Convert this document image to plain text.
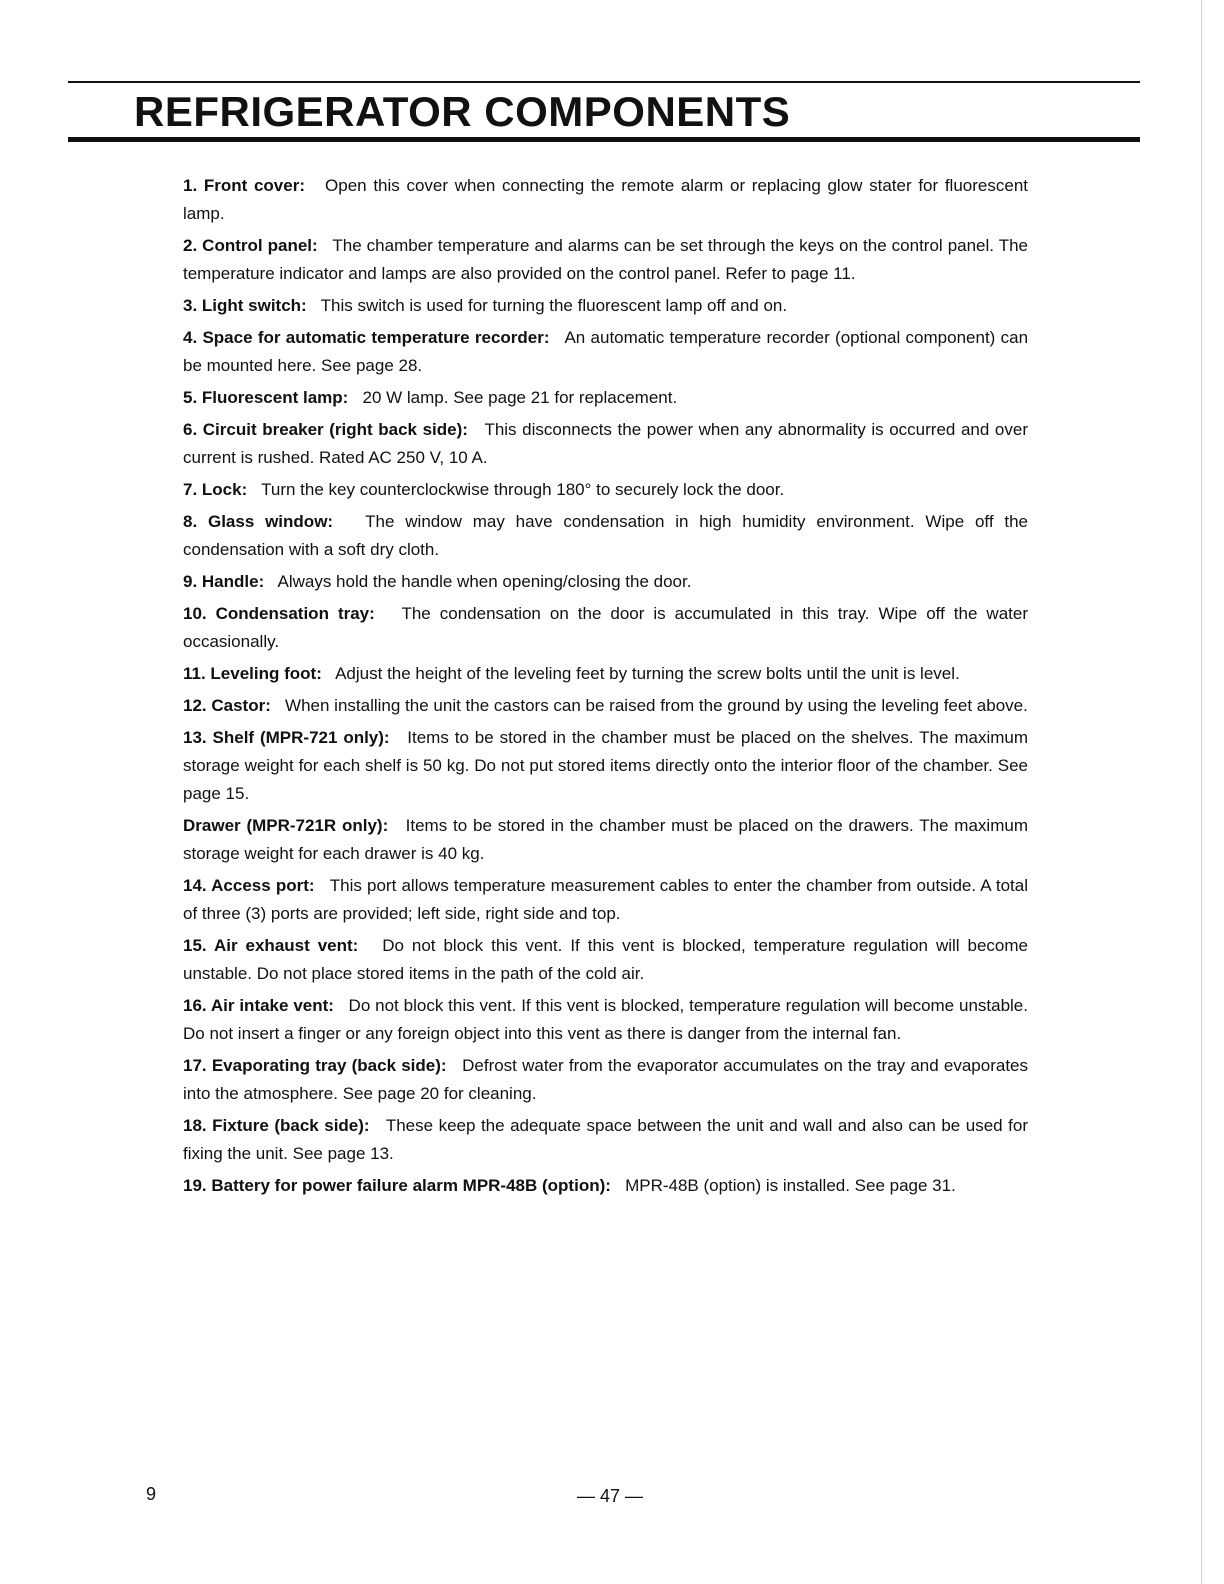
REFRIGERATOR COMPONENTS

1. Front cover: Open this cover when connecting the remote alarm or replacing glow stater for fluorescent lamp.

2. Control panel: The chamber temperature and alarms can be set through the keys on the control panel. The temperature indicator and lamps are also provided on the control panel. Refer to page 11.

3. Light switch: This switch is used for turning the fluorescent lamp off and on.

4. Space for automatic temperature recorder: An automatic temperature recorder (optional component) can be mounted here. See page 28.

5. Fluorescent lamp: 20 W lamp. See page 21 for replacement.

6. Circuit breaker (right back side): This disconnects the power when any abnormality is occurred and over current is rushed. Rated AC 250 V, 10 A.

7. Lock: Turn the key counterclockwise through 180° to securely lock the door.

8. Glass window: The window may have condensation in high humidity environment. Wipe off the condensation with a soft dry cloth.

9. Handle: Always hold the handle when opening/closing the door.

10. Condensation tray: The condensation on the door is accumulated in this tray. Wipe off the water occasionally.

11. Leveling foot: Adjust the height of the leveling feet by turning the screw bolts until the unit is level.

12. Castor: When installing the unit the castors can be raised from the ground by using the leveling feet above.

13. Shelf (MPR-721 only): Items to be stored in the chamber must be placed on the shelves. The maximum storage weight for each shelf is 50 kg. Do not put stored items directly onto the interior floor of the chamber. See page 15.

Drawer (MPR-721R only): Items to be stored in the chamber must be placed on the drawers. The maximum storage weight for each drawer is 40 kg.

14. Access port: This port allows temperature measurement cables to enter the chamber from outside. A total of three (3) ports are provided; left side, right side and top.

15. Air exhaust vent: Do not block this vent. If this vent is blocked, temperature regulation will become unstable. Do not place stored items in the path of the cold air.

16. Air intake vent: Do not block this vent. If this vent is blocked, temperature regulation will become unstable. Do not insert a finger or any foreign object into this vent as there is danger from the internal fan.

17. Evaporating tray (back side): Defrost water from the evaporator accumulates on the tray and evaporates into the atmosphere. See page 20 for cleaning.

18. Fixture (back side): These keep the adequate space between the unit and wall and also can be used for fixing the unit. See page 13.

19. Battery for power failure alarm MPR-48B (option): MPR-48B (option) is installed. See page 31.

9	— 47 —
